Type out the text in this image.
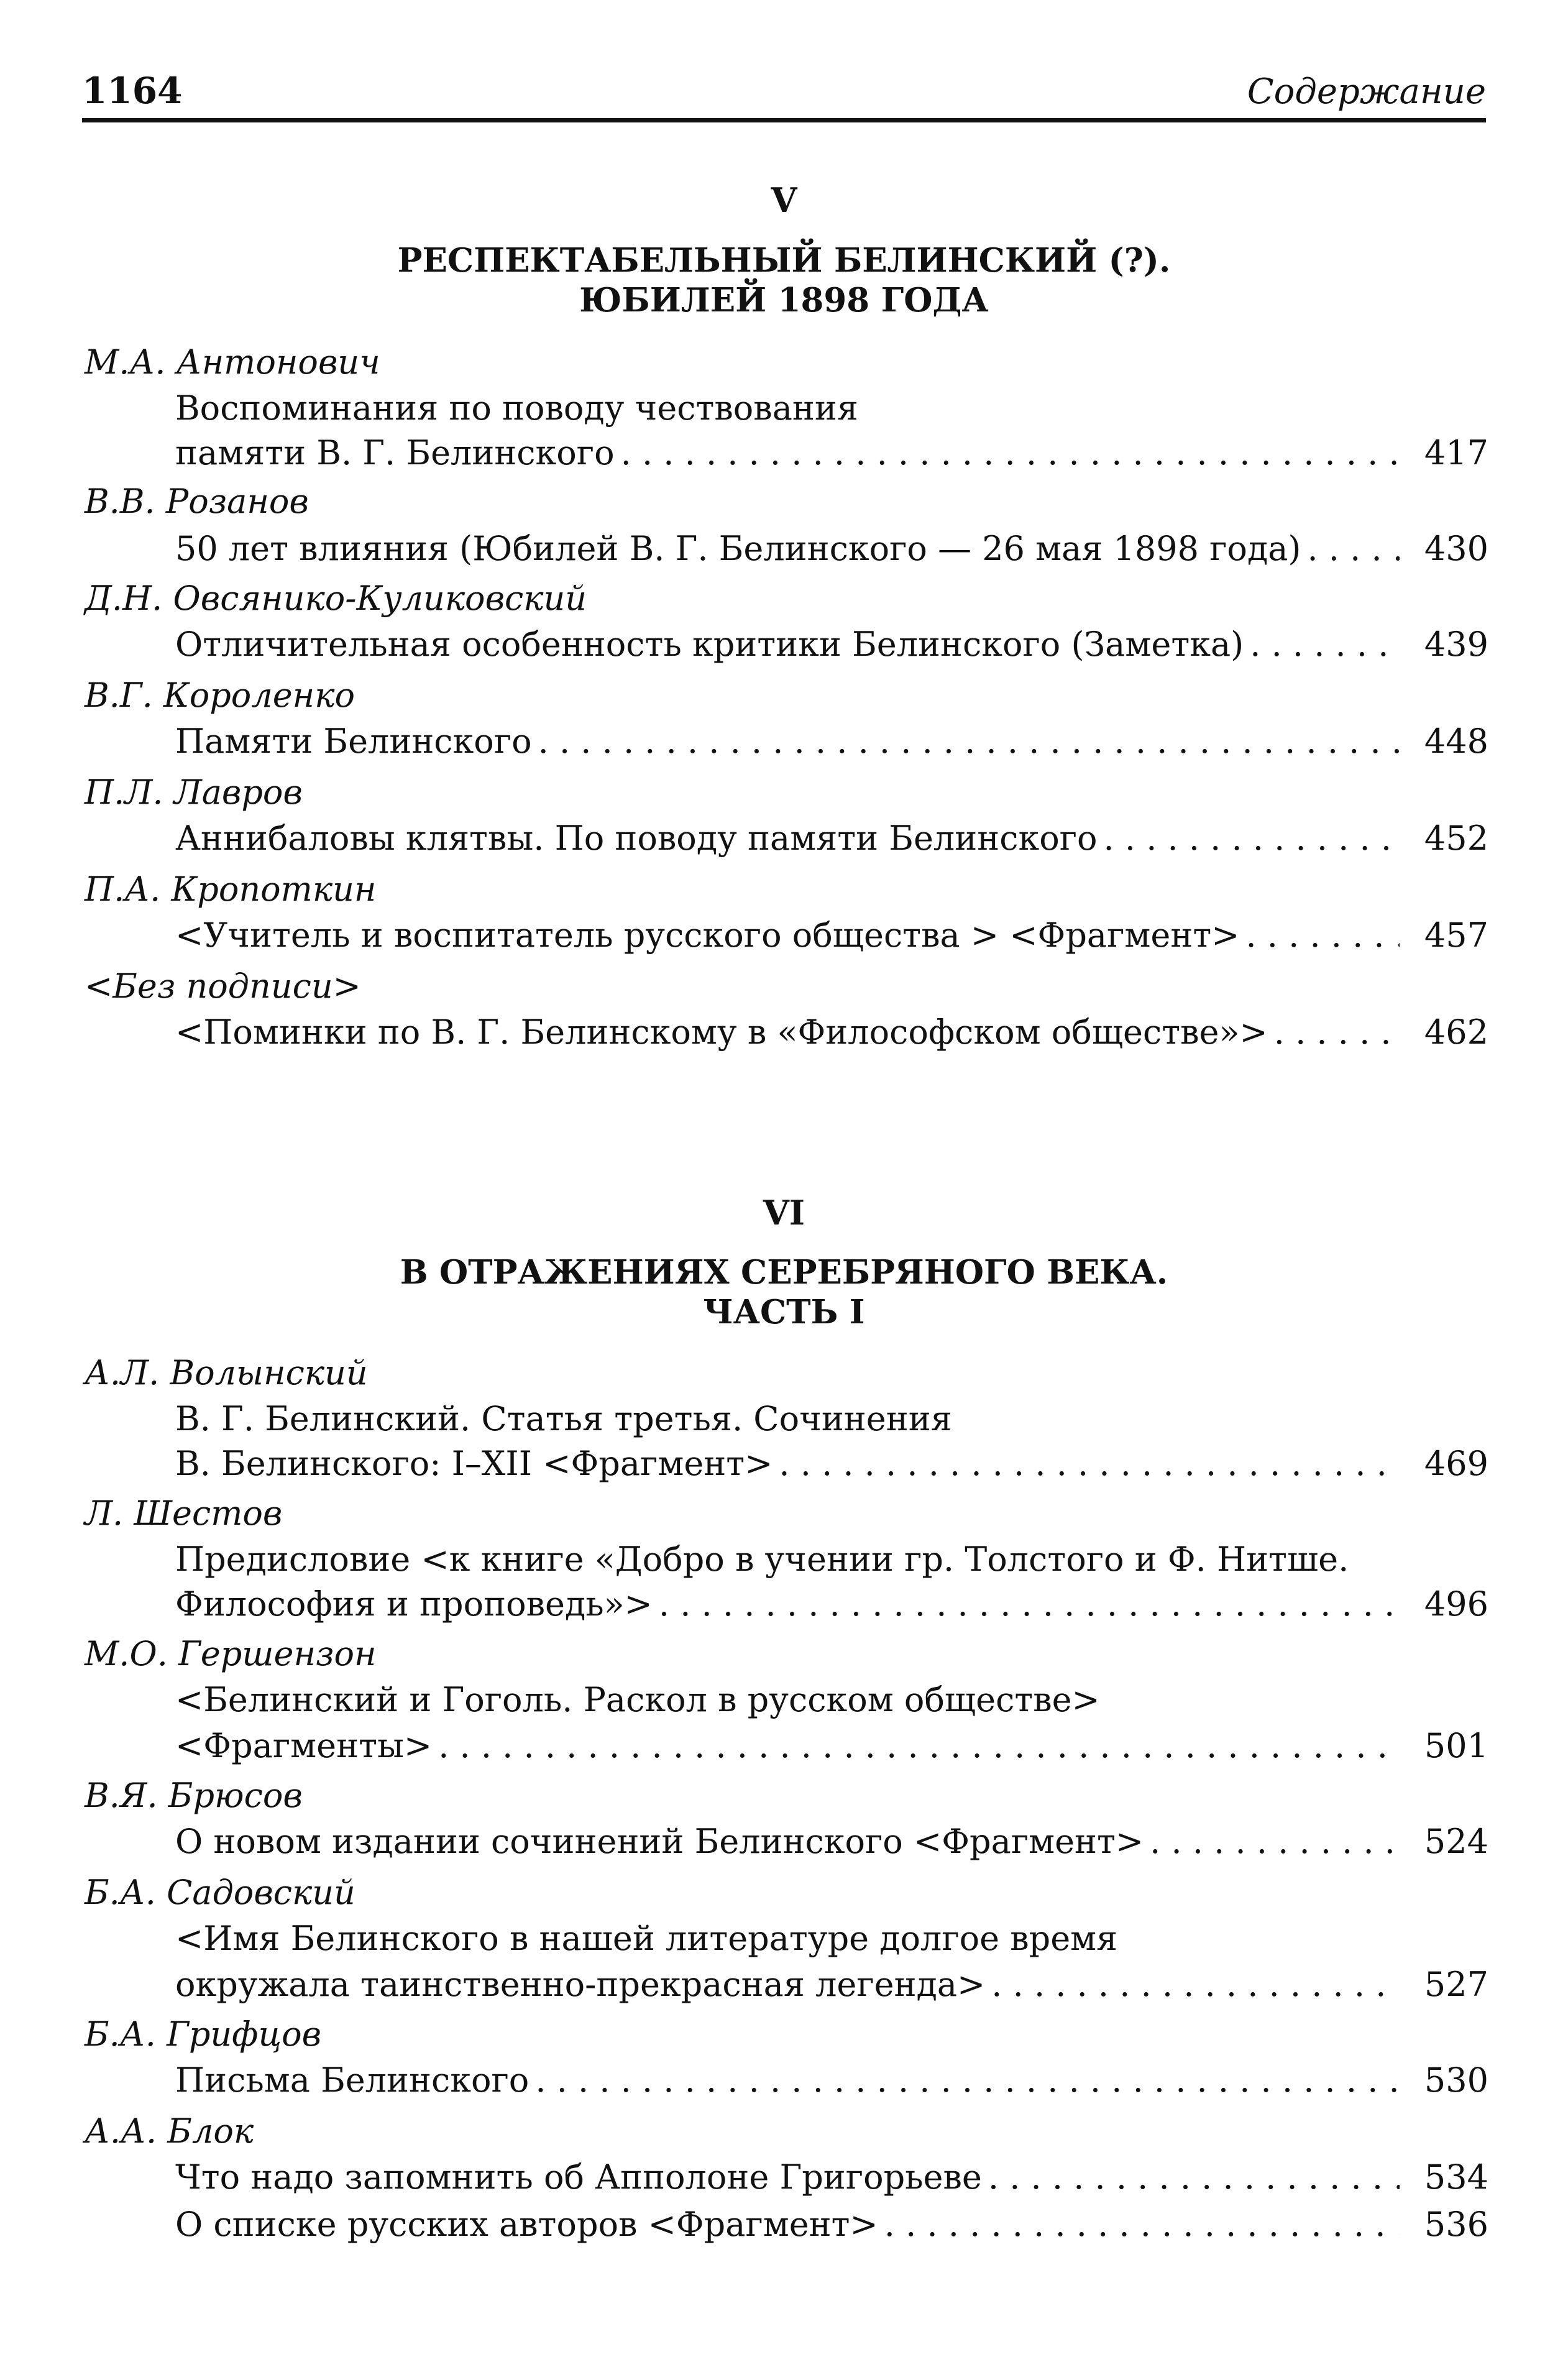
1164	Содержание
V
РЕСПЕКТАБЕЛЬНЫЙ БЕЛИНСКИЙ (?).
ЮБИЛЕЙ 1898 ГОДА
М.А. Антонович
Воспоминания по поводу чествования
памяти В. Г. Белинского . . .	417
В.В. Розанов
50 лет влияния (Юбилей В. Г. Белинского — 26 мая 1898 года) . . .	430
Д.Н. Овсянико-Куликовский
Отличительная особенность критики Белинского (Заметка) . . .	439
В.Г. Короленко
Памяти Белинского . . .	448
П.Л. Лавров
Аннибаловы клятвы. По поводу памяти Белинского . . .	452
П.А. Кропоткин
<Учитель и воспитатель русского общества > <Фрагмент> . . .	457
<Без подписи>
<Поминки по В. Г. Белинскому в «Философском обществе»> . . .	462
VI
В ОТРАЖЕНИЯХ СЕРЕБРЯНОГО ВЕКА.
ЧАСТЬ I
А.Л. Волынский
В. Г. Белинский. Статья третья. Сочинения
В. Белинского: I–XII <Фрагмент> . . .	469
Л. Шестов
Предисловие <к книге «Добро в учении гр. Толстого и Ф. Нитше.
Философия и проповедь»> . . .	496
М.О. Гершензон
<Белинский и Гоголь. Раскол в русском обществе>
<Фрагменты> . . .	501
В.Я. Брюсов
О новом издании сочинений Белинского <Фрагмент> . . .	524
Б.А. Садовский
<Имя Белинского в нашей литературе долгое время
окружала таинственно-прекрасная легенда> . . .	527
Б.А. Грифцов
Письма Белинского . . .	530
А.А. Блок
Что надо запомнить об Апполоне Григорьеве . . .	534
О списке русских авторов <Фрагмент> . . .	536
